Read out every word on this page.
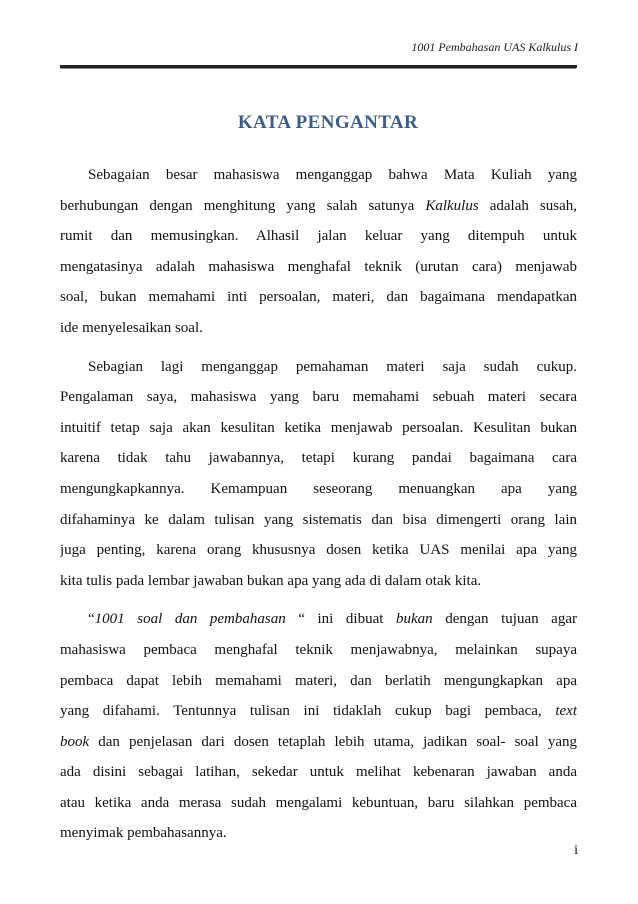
1001 Pembahasan UAS Kalkulus I
KATA PENGANTAR
Sebagaian besar mahasiswa menganggap bahwa Mata Kuliah yang
berhubungan dengan menghitung yang salah satunya Kalkulus adalah susah,
rumit dan memusingkan. Alhasil jalan keluar yang ditempuh untuk
mengatasinya adalah mahasiswa menghafal teknik (urutan cara) menjawab
soal, bukan memahami inti persoalan, materi, dan bagaimana mendapatkan
ide menyelesaikan soal.
Sebagian lagi menganggap pemahaman materi saja sudah cukup.
Pengalaman saya, mahasiswa yang baru memahami sebuah materi secara
intuitif tetap saja akan kesulitan ketika menjawab persoalan. Kesulitan bukan
karena tidak tahu jawabannya, tetapi kurang pandai bagaimana cara
mengungkapkannya. Kemampuan seseorang menuangkan apa yang
difahaminya ke dalam tulisan yang sistematis dan bisa dimengerti orang lain
juga penting, karena orang khususnya dosen ketika UAS menilai apa yang
kita tulis pada lembar jawaban bukan apa yang ada di dalam otak kita.
“1001 soal dan pembahasan “ ini dibuat bukan dengan tujuan agar
mahasiswa pembaca menghafal teknik menjawabnya, melainkan supaya
pembaca dapat lebih memahami materi, dan berlatih mengungkapkan apa
yang difahami. Tentunnya tulisan ini tidaklah cukup bagi pembaca, text
book dan penjelasan dari dosen tetaplah lebih utama, jadikan soal- soal yang
ada disini sebagai latihan, sekedar untuk melihat kebenaran jawaban anda
atau ketika anda merasa sudah mengalami kebuntuan, baru silahkan pembaca
menyimak pembahasannya.
i
